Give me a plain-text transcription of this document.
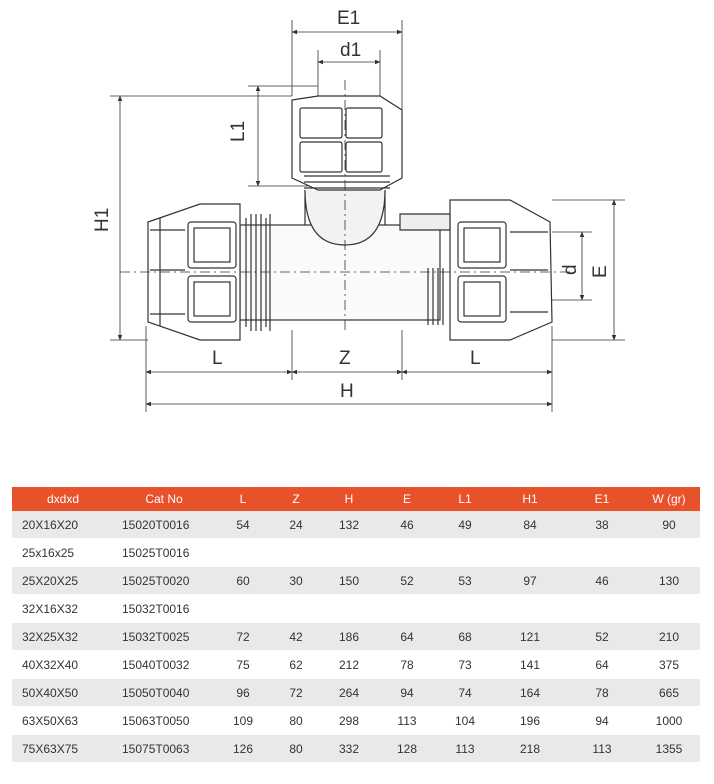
E1
d1
L1
H1
d E
L	Z	L
H
dxdxd	Cat No	L	Z	H	E	L1	H1	E1	W (gr)
20X16X20	15020T0016	54	24	132	46	49	84	38	90
25x16x25	15025T0016								
25X20X25	15025T0020	60	30	150	52	53	97	46	130
32X16X32	15032T0016								
32X25X32	15032T0025	72	42	186	64	68	121	52	210
40X32X40	15040T0032	75	62	212	78	73	141	64	375
50X40X50	15050T0040	96	72	264	94	74	164	78	665
63X50X63	15063T0050	109	80	298	113	104	196	94	1000
75X63X75	15075T0063	126	80	332	128	113	218	113	1355
